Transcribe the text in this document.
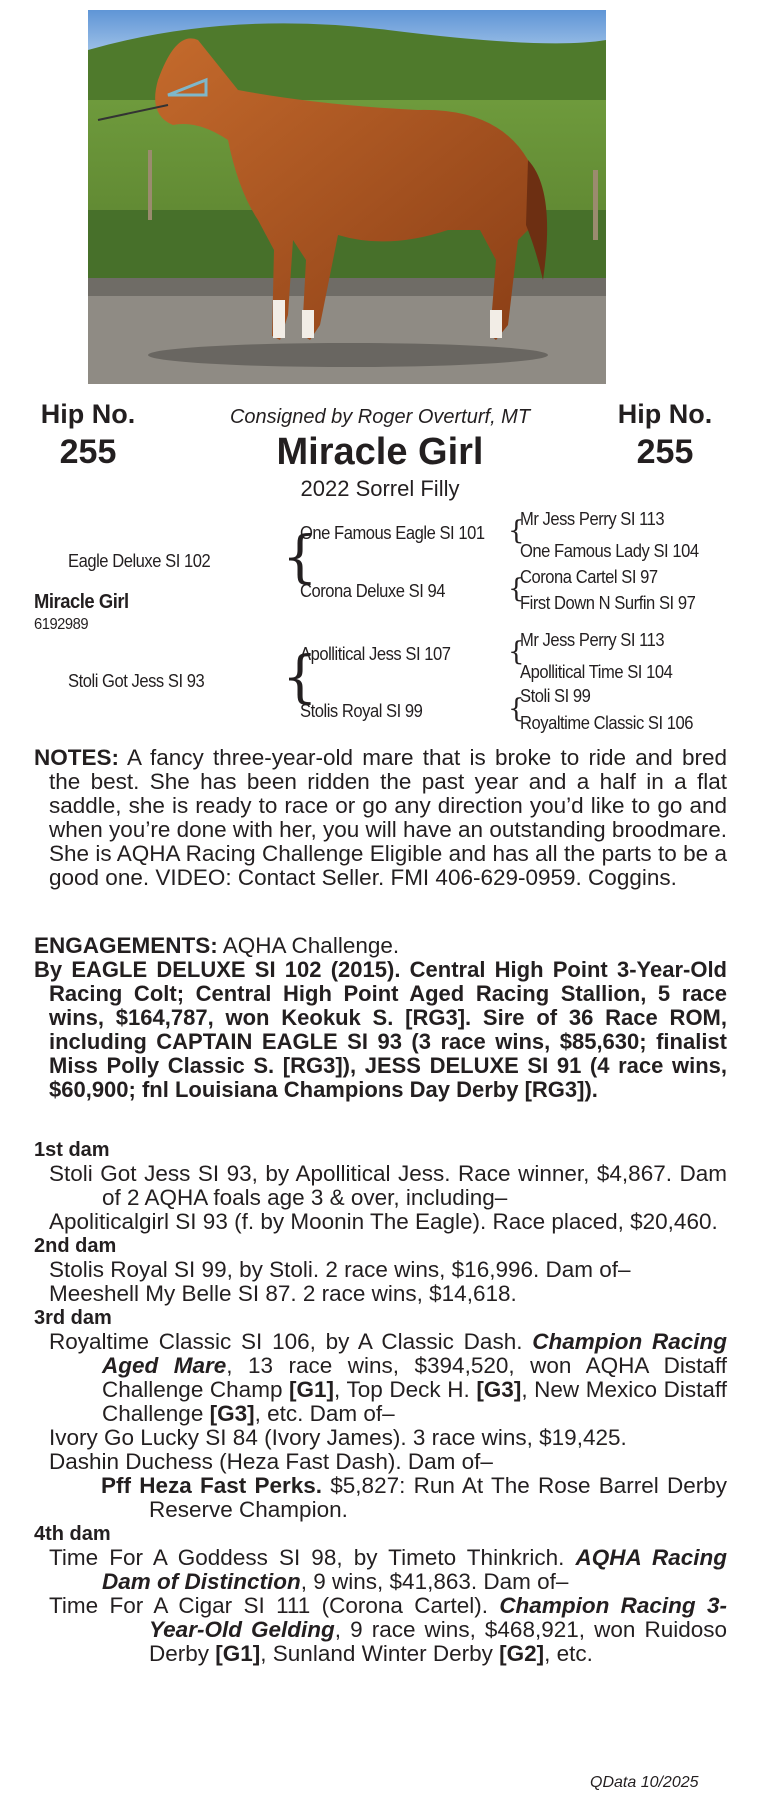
Hip No.
255
Hip No.
255
Consigned by Roger Overturf, MT
Miracle Girl
2022 Sorrel Filly
Eagle Deluxe SI 102
Miracle Girl
6192989
Stoli Got Jess SI 93
{
{
One Famous Eagle SI 101
Corona Deluxe SI 94
Apollitical Jess SI 107
Stolis Royal SI 99
{
{
{
{
Mr Jess Perry SI 113
One Famous Lady SI 104
Corona Cartel SI 97
First Down N Surfin SI 97
Mr Jess Perry SI 113
Apollitical Time SI 104
Stoli SI 99
Royaltime Classic SI 106

NOTES: A fancy three-year-old mare that is broke to ride and bred the best. She has been ridden the past year and a half in a flat saddle, she is ready to race or go any direction you’d like to go and when you’re done with her, you will have an outstanding broodmare. She is AQHA Racing Challenge Eligible and has all the parts to be a good one. VIDEO: Contact Seller. FMI 406-629-0959. Coggins.

ENGAGEMENTS: AQHA Challenge.

By EAGLE DELUXE SI 102 (2015). Central High Point 3-Year-Old Racing Colt; Central High Point Aged Racing Stallion, 5 race wins, $164,787, won Keokuk S. [RG3]. Sire of 36 Race ROM, including CAPTAIN EAGLE SI 93 (3 race wins, $85,630; finalist Miss Polly Classic S. [RG3]), JESS DELUXE SI 91 (4 race wins, $60,900; fnl Louisiana Champions Day Derby [RG3]).

1st dam

Stoli Got Jess SI 93, by Apollitical Jess. Race winner, $4,867. Dam of 2 AQHA foals age 3 & over, including–

Apoliticalgirl SI 93 (f. by Moonin The Eagle). Race placed, $20,460.

2nd dam

Stolis Royal SI 99, by Stoli. 2 race wins, $16,996. Dam of–

Meeshell My Belle SI 87. 2 race wins, $14,618.

3rd dam

Royaltime Classic SI 106, by A Classic Dash. Champion Racing Aged Mare, 13 race wins, $394,520, won AQHA Distaff Challenge Champ [G1], Top Deck H. [G3], New Mexico Distaff Challenge [G3], etc. Dam of–

Ivory Go Lucky SI 84 (Ivory James). 3 race wins, $19,425.

Dashin Duchess (Heza Fast Dash). Dam of–

Pff Heza Fast Perks. $5,827: Run At The Rose Barrel Derby Reserve Champion.

4th dam

Time For A Goddess SI 98, by Timeto Thinkrich. AQHA Racing Dam of Distinction, 9 wins, $41,863. Dam of–

Time For A Cigar SI 111 (Corona Cartel). Champion Racing 3-Year-Old Gelding, 9 race wins, $468,921, won Ruidoso Derby [G1], Sunland Winter Derby [G2], etc.

QData 10/2025
